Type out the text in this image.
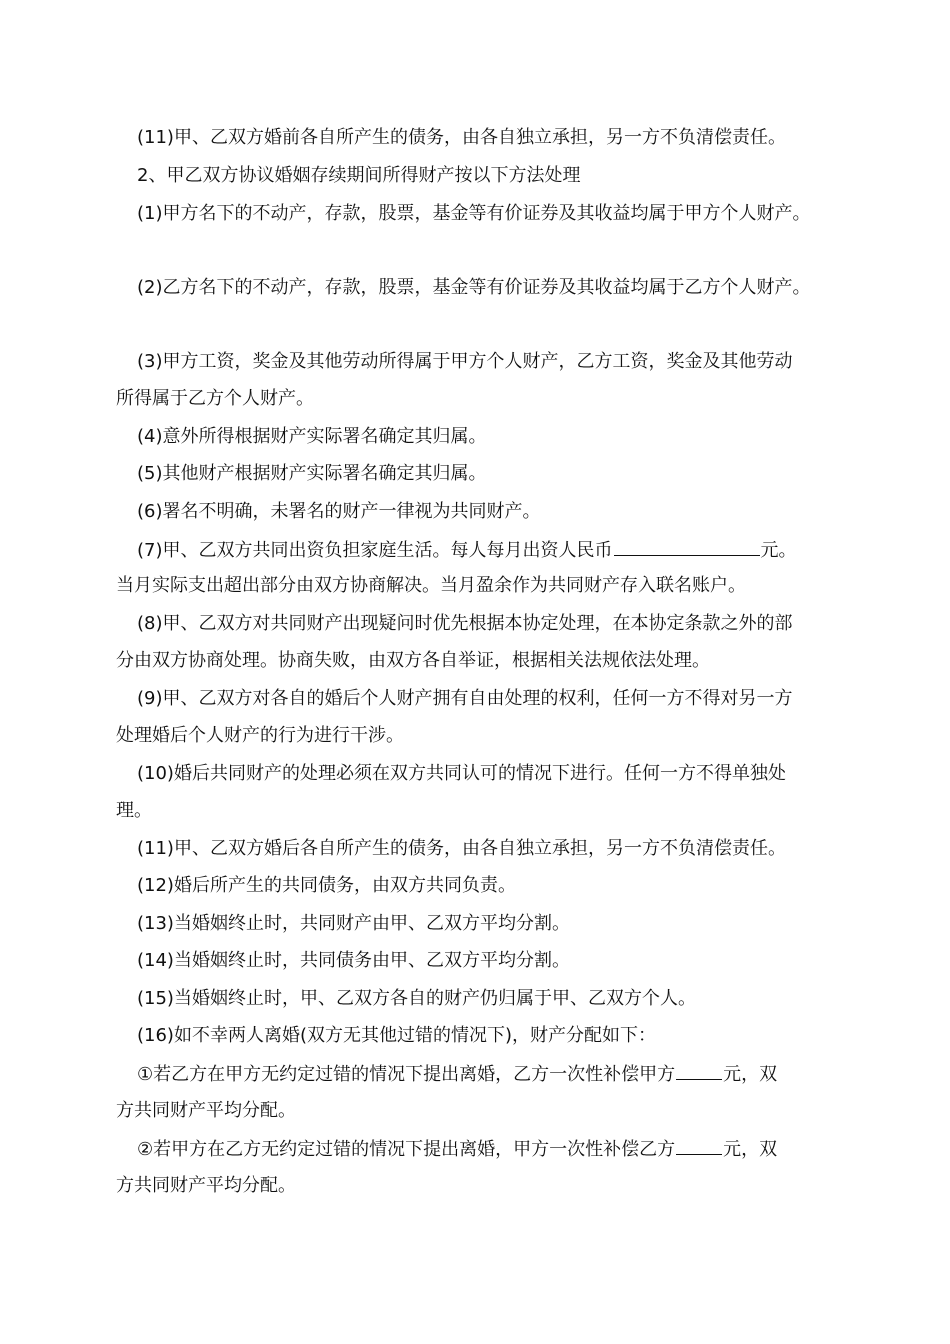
(11)甲、乙双方婚前各自所产生的债务，由各自独立承担，另一方不负清偿责任。
2、甲乙双方协议婚姻存续期间所得财产按以下方法处理
(1)甲方名下的不动产，存款，股票，基金等有价证券及其收益均属于甲方个人财产。
(2)乙方名下的不动产，存款，股票，基金等有价证券及其收益均属于乙方个人财产。
(3)甲方工资，奖金及其他劳动所得属于甲方个人财产，乙方工资，奖金及其他劳动
所得属于乙方个人财产。
(4)意外所得根据财产实际署名确定其归属。
(5)其他财产根据财产实际署名确定其归属。
(6)署名不明确，未署名的财产一律视为共同财产。
(7)甲、乙双方共同出资负担家庭生活。每人每月出资人民币	元。
当月实际支出超出部分由双方协商解决。当月盈余作为共同财产存入联名账户。
(8)甲、乙双方对共同财产出现疑问时优先根据本协定处理，在本协定条款之外的部
分由双方协商处理。协商失败，由双方各自举证，根据相关法规依法处理。
(9)甲、乙双方对各自的婚后个人财产拥有自由处理的权利，任何一方不得对另一方
处理婚后个人财产的行为进行干涉。
(10)婚后共同财产的处理必须在双方共同认可的情况下进行。任何一方不得单独处
理。
(11)甲、乙双方婚后各自所产生的债务，由各自独立承担，另一方不负清偿责任。
(12)婚后所产生的共同债务，由双方共同负责。
(13)当婚姻终止时，共同财产由甲、乙双方平均分割。
(14)当婚姻终止时，共同债务由甲、乙双方平均分割。
(15)当婚姻终止时，甲、乙双方各自的财产仍归属于甲、乙双方个人。
(16)如不幸两人离婚(双方无其他过错的情况下)，财产分配如下：
①若乙方在甲方无约定过错的情况下提出离婚，乙方一次性补偿甲方	元，双
方共同财产平均分配。
②若甲方在乙方无约定过错的情况下提出离婚，甲方一次性补偿乙方	元，双
方共同财产平均分配。
